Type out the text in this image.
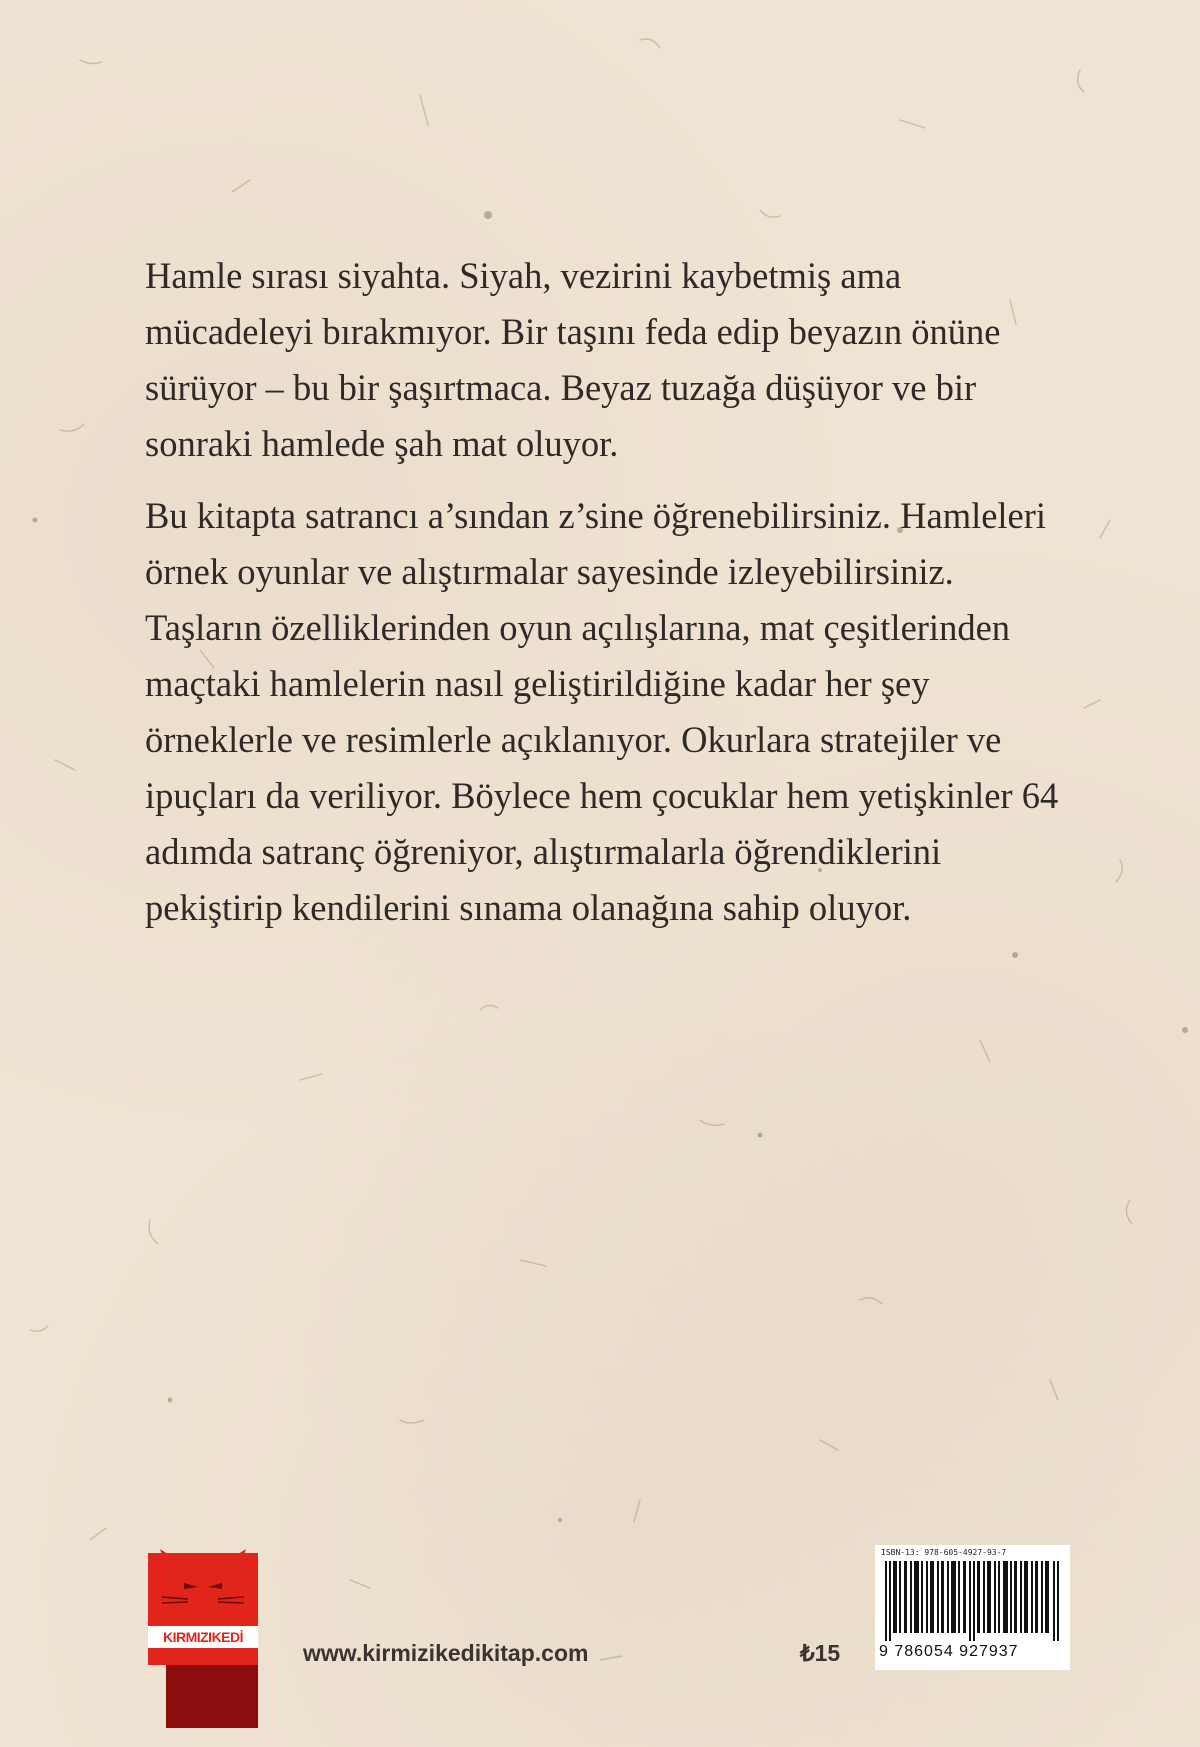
Hamle sırası siyahta. Siyah, vezirini kaybetmiş ama mücadeleyi bırakmıyor. Bir taşını feda edip beyazın önüne sürüyor – bu bir şaşırtmaca. Beyaz tuzağa düşüyor ve bir sonraki hamlede şah mat oluyor.

Bu kitapta satrancı a’sından z’sine öğrenebilirsiniz. Hamleleri örnek oyunlar ve alıştırmalar sayesinde izleyebilirsiniz. Taşların özelliklerinden oyun açılışlarına, mat çeşitlerinden maçtaki hamlelerin nasıl geliştirildiğine kadar her şey örneklerle ve resimlerle açıklanıyor. Okurlara stratejiler ve ipuçları da veriliyor. Böylece hem çocuklar hem yetişkinler 64 adımda satranç öğreniyor, alıştırmalarla öğrendiklerini pekiştirip kendilerini sınama olanağına sahip oluyor.

KIRMIZIKEDİ
www.kirmizikedikitap.com	₺15
ISBN-13: 978-605-4927-93-7
9 786054 927937
